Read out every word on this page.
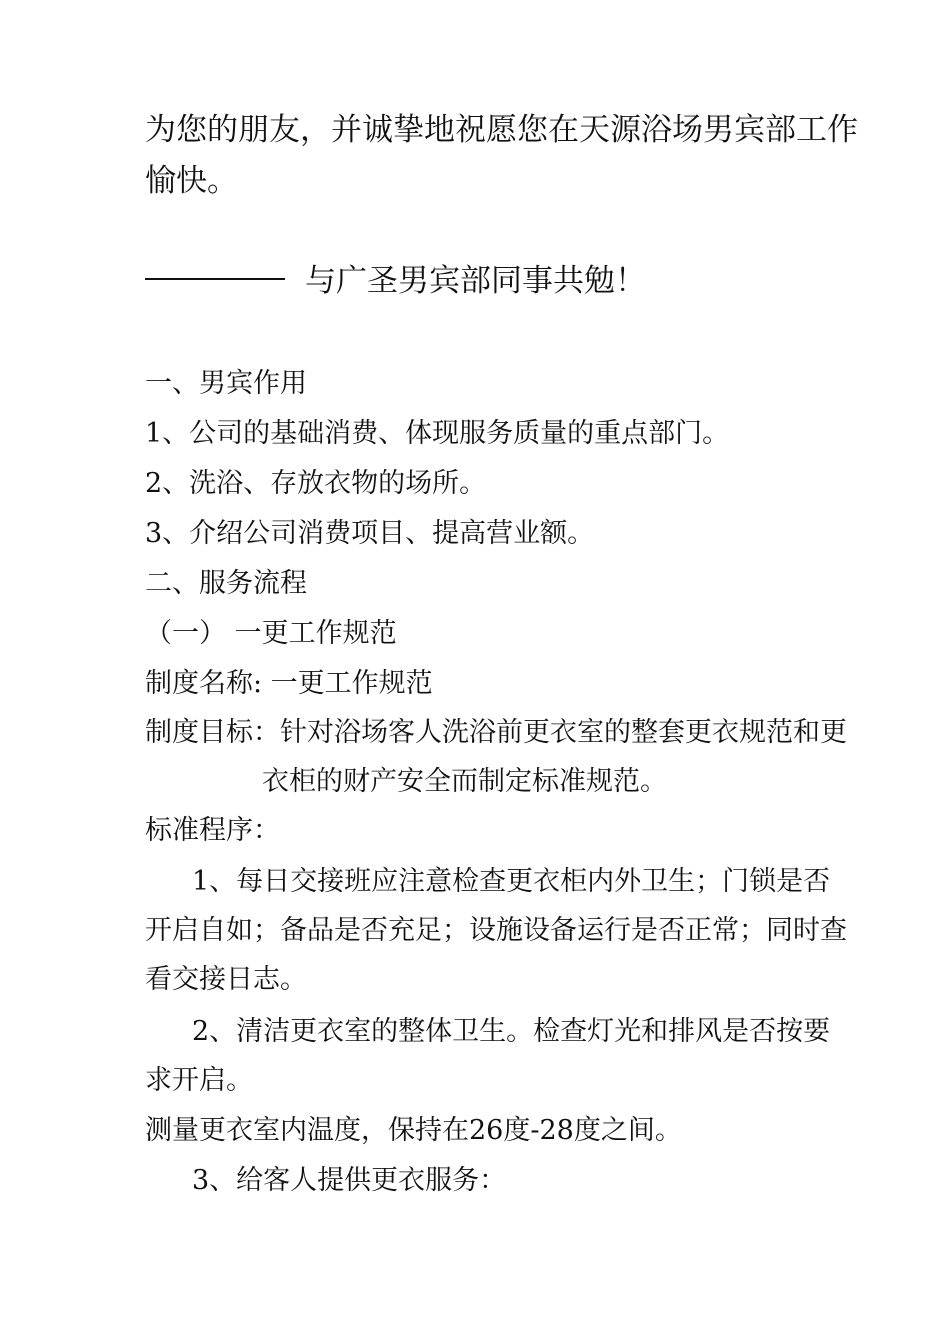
为您的朋友，并诚挚地祝愿您在天源浴场男宾部工作
愉快。
与广圣男宾部同事共勉！
一、男宾作用
1、公司的基础消费、体现服务质量的重点部门。
2、洗浴、存放衣物的场所。
3、介绍公司消费项目、提高营业额。
二、服务流程
（一） 一更工作规范
制度名称: 一更工作规范
制度目标：针对浴场客人洗浴前更衣室的整套更衣规范和更
衣柜的财产安全而制定标准规范。
标准程序：
1、每日交接班应注意检查更衣柜内外卫生；门锁是否
开启自如；备品是否充足；设施设备运行是否正常；同时查
看交接日志。
2、清洁更衣室的整体卫生。检查灯光和排风是否按要
求开启。
测量更衣室内温度，保持在26度-28度之间。
3、给客人提供更衣服务：
